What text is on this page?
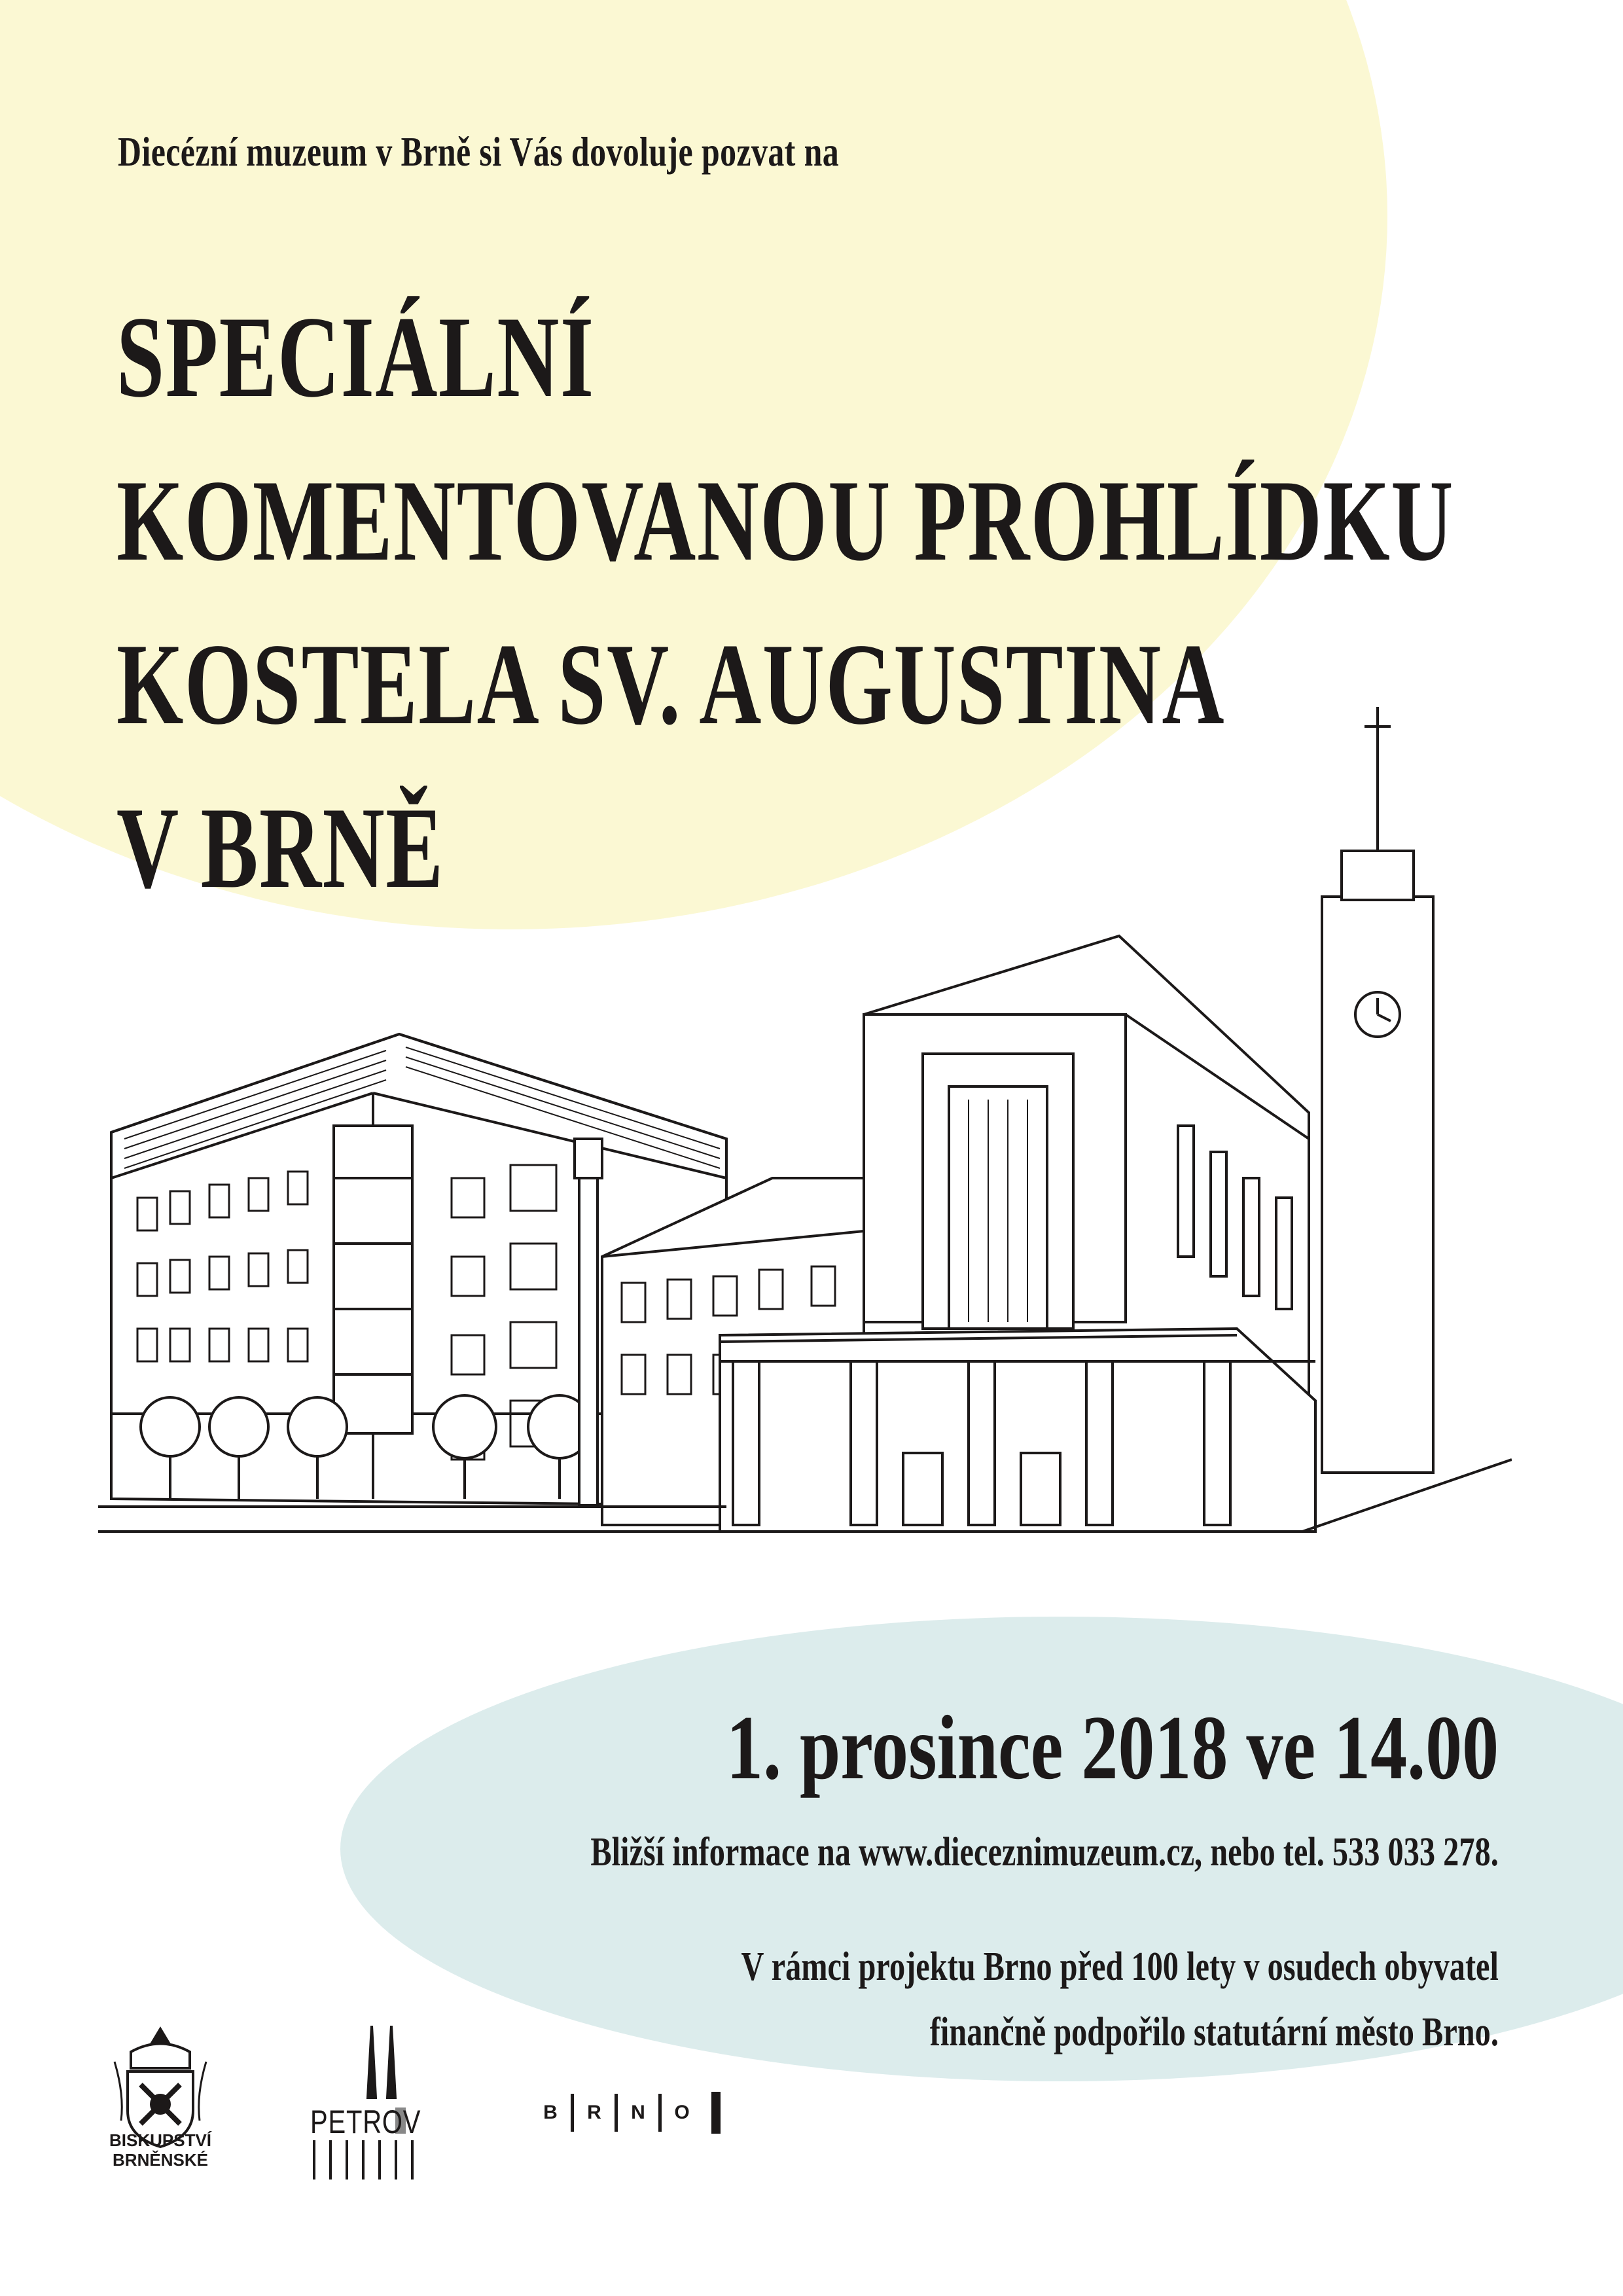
Diecézní muzeum v Brně si Vás dovoluje pozvat na
SPECIÁLNÍ
KOMENTOVANOU PROHLÍDKU
KOSTELA SV. AUGUSTINA
V BRNĚ
1. prosince 2018 ve 14.00
Bližší informace na www.dieceznimuzeum.cz, nebo tel. 533 033 278.
V rámci projektu Brno před 100 lety v osudech obyvatel
finančně podpořilo statutární město Brno.
BISKUPSTVÍ
BRNĚNSKÉ
PETROV	B	R	N	O
